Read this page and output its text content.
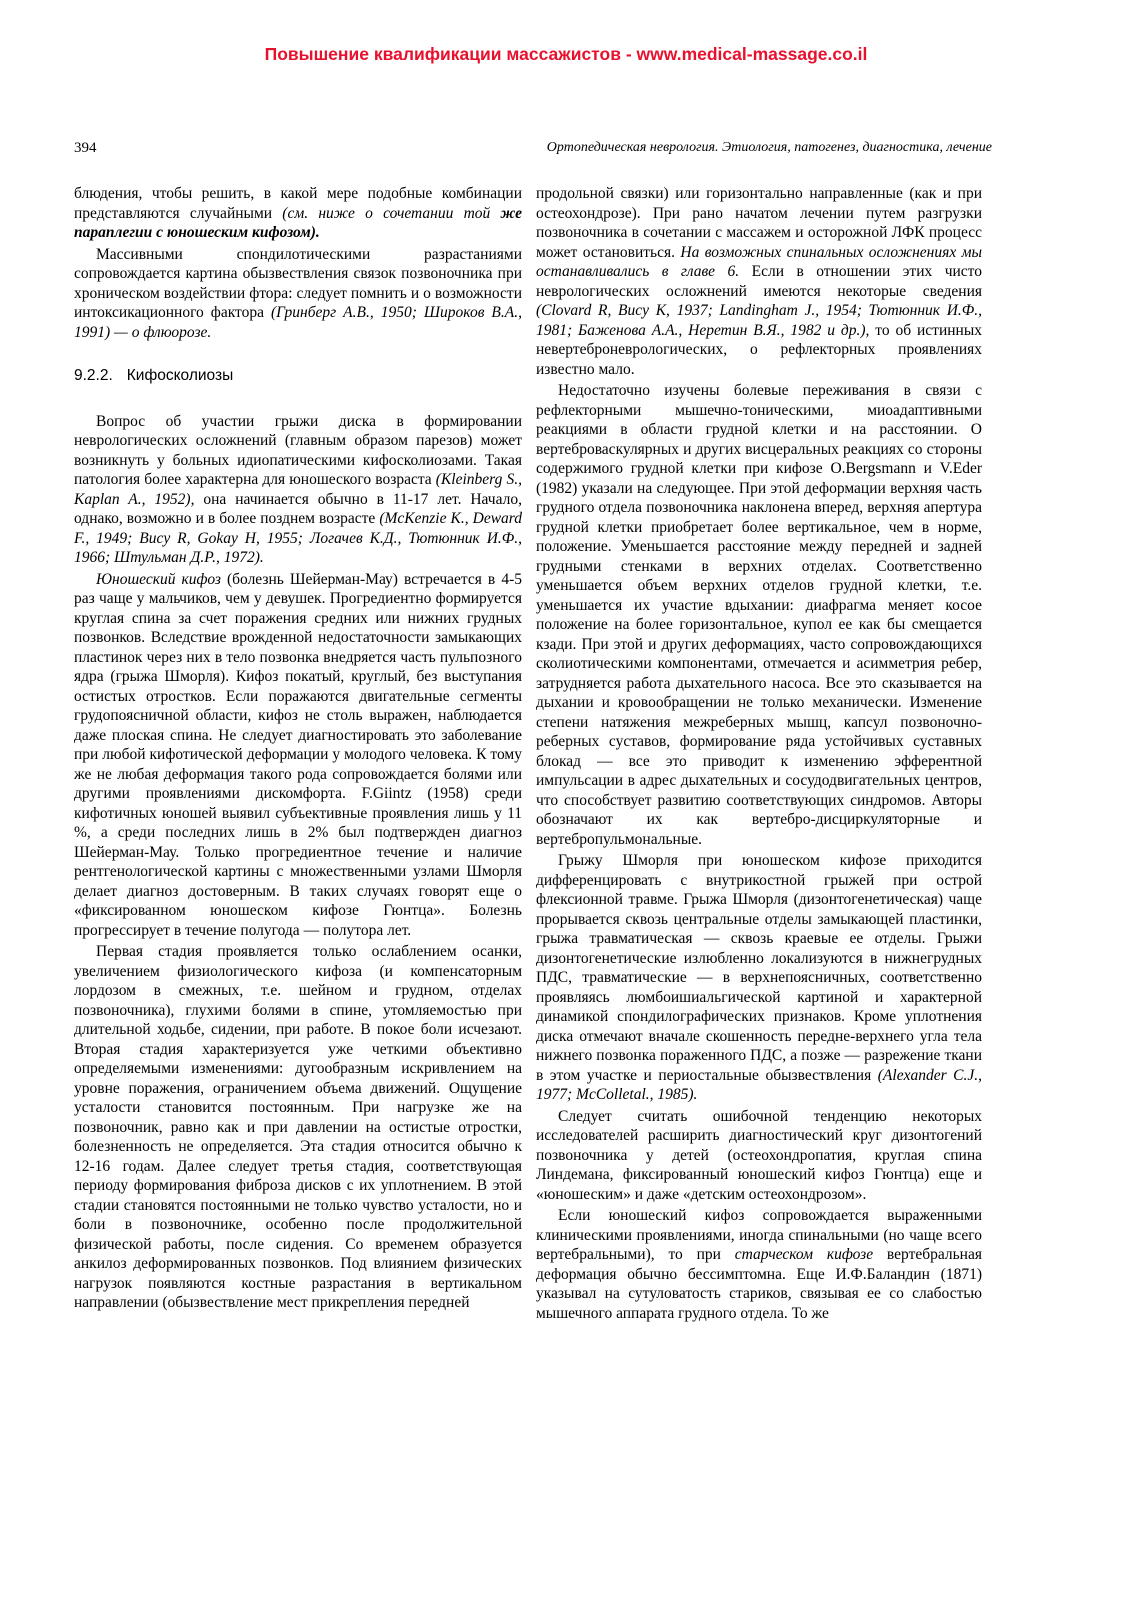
Повышение квалификации массажистов - www.medical-massage.co.il
394	Ортопедическая неврология. Этиология, патогенез, диагностика, лечение

блюдения, чтобы решить, в какой мере подобные комбинации представляются случайными (см. ниже о сочетании той же параплегии с юношеским кифозом).

Массивными спондилотическими разрастаниями сопровождается картина обызвествления связок позвоночника при хроническом воздействии фтора: следует помнить и о возможности интоксикационного фактора (Гринберг А.В., 1950; Широков В.А., 1991) — о флюорозе.

9.2.2. Кифосколиозы

Вопрос об участии грыжи диска в формировании неврологических осложнений (главным образом парезов) может возникнуть у больных идиопатическими кифосколиозами. Такая патология более характерна для юношеского возраста (Kleinberg S., Kaplan A., 1952), она начинается обычно в 11-17 лет. Начало, однако, возможно и в более позднем возрасте (McKenzie K., Deward F., 1949; Bucy R, Gokay H, 1955; Логачев К.Д., Тютюнник И.Ф., 1966; Штульман Д.Р., 1972).

Юношеский кифоз (болезнь Шейерман-Мау) встречается в 4-5 раз чаще у мальчиков, чем у девушек. Прогредиентно формируется круглая спина за счет поражения средних или нижних грудных позвонков. Вследствие врожденной недостаточности замыкающих пластинок через них в тело позвонка внедряется часть пульпозного ядра (грыжа Шморля). Кифоз покатый, круглый, без выступания остистых отростков. Если поражаются двигательные сегменты грудопоясничной области, кифоз не столь выражен, наблюдается даже плоская спина. Не следует диагностировать это заболевание при любой кифотической деформации у молодого человека. К тому же не любая деформация такого рода сопровождается болями или другими проявлениями дискомфорта. F.Giintz (1958) среди кифотичных юношей выявил субъективные проявления лишь у 11 %, а среди последних лишь в 2% был подтвержден диагноз Шейерман-Мау. Только прогредиентное течение и наличие рентгенологической картины с множественными узлами Шморля делает диагноз достоверным. В таких случаях говорят еще о «фиксированном юношеском кифозе Гюнтца». Болезнь прогрессирует в течение полугода — полутора лет.

Первая стадия проявляется только ослаблением осанки, увеличением физиологического кифоза (и компенсаторным лордозом в смежных, т.е. шейном и грудном, отделах позвоночника), глухими болями в спине, утомляемостью при длительной ходьбе, сидении, при работе. В покое боли исчезают. Вторая стадия характеризуется уже четкими объективно определяемыми изменениями: дугообразным искривлением на уровне поражения, ограничением объема движений. Ощущение усталости становится постоянным. При нагрузке же на позвоночник, равно как и при давлении на остистые отростки, болезненность не определяется. Эта стадия относится обычно к 12-16 годам. Далее следует третья стадия, соответствующая периоду формирования фиброза дисков с их уплотнением. В этой стадии становятся постоянными не только чувство усталости, но и боли в позвоночнике, особенно после продолжительной физической работы, после сидения. Со временем образуется анкилоз деформированных позвонков. Под влиянием физических нагрузок появляются костные разрастания в вертикальном направлении (обызвествление мест прикрепления передней

продольной связки) или горизонтально направленные (как и при остеохондрозе). При рано начатом лечении путем разгрузки позвоночника в сочетании с массажем и осторожной ЛФК процесс может остановиться. На возможных спинальных осложнениях мы останавливались в главе 6. Если в отношении этих чисто неврологических осложнений имеются некоторые сведения (Clovard R, Bucy K, 1937; Landingham J., 1954; Тютюнник И.Ф., 1981; Баженова А.А., Неретин В.Я., 1982 и др.), то об истинных невертеброневрологических, о рефлекторных проявлениях известно мало.

Недостаточно изучены болевые переживания в связи с рефлекторными мышечно-тоническими, миоадаптивными реакциями в области грудной клетки и на расстоянии. О вертеброваскулярных и других висцеральных реакциях со стороны содержимого грудной клетки при кифозе O.Bergsmann и V.Eder (1982) указали на следующее. При этой деформации верхняя часть грудного отдела позвоночника наклонена вперед, верхняя апертура грудной клетки приобретает более вертикальное, чем в норме, положение. Уменьшается расстояние между передней и задней грудными стенками в верхних отделах. Соответственно уменьшается объем верхних отделов грудной клетки, т.е. уменьшается их участие вдыхании: диафрагма меняет косое положение на более горизонтальное, купол ее как бы смещается кзади. При этой и других деформациях, часто сопровождающихся сколиотическими компонентами, отмечается и асимметрия ребер, затрудняется работа дыхательного насоса. Все это сказывается на дыхании и кровообращении не только механически. Изменение степени натяжения межреберных мышц, капсул позвоночно-реберных суставов, формирование ряда устойчивых суставных блокад — все это приводит к изменению эфферентной импульсации в адрес дыхательных и сосудодвигательных центров, что способствует развитию соответствующих синдромов. Авторы обозначают их как вертебро-дисциркуляторные и вертебропульмональные.

Грыжу Шморля при юношеском кифозе приходится дифференцировать с внутрикостной грыжей при острой флексионной травме. Грыжа Шморля (дизонтогенетическая) чаще прорывается сквозь центральные отделы замыкающей пластинки, грыжа травматическая — сквозь краевые ее отделы. Грыжи дизонтогенетические излюбленно локализуются в нижнегрудных ПДС, травматические — в верхнепоясничных, соответственно проявляясь люмбоишиальгической картиной и характерной динамикой спондилографических признаков. Кроме уплотнения диска отмечают вначале скошенность передне-верхнего угла тела нижнего позвонка пораженного ПДС, а позже — разрежение ткани в этом участке и периостальные обызвествления (Alexander C.J., 1977; McColletal., 1985).

Следует считать ошибочной тенденцию некоторых исследователей расширить диагностический круг дизонтогений позвоночника у детей (остеохондропатия, круглая спина Линдемана, фиксированный юношеский кифоз Гюнтца) еще и «юношеским» и даже «детским остеохондрозом».

Если юношеский кифоз сопровождается выраженными клиническими проявлениями, иногда спинальными (но чаще всего вертебральными), то при старческом кифозе вертебральная деформация обычно бессимптомна. Еще И.Ф.Баландин (1871) указывал на сутуловатость стариков, связывая ее со слабостью мышечного аппарата грудного отдела. То же
